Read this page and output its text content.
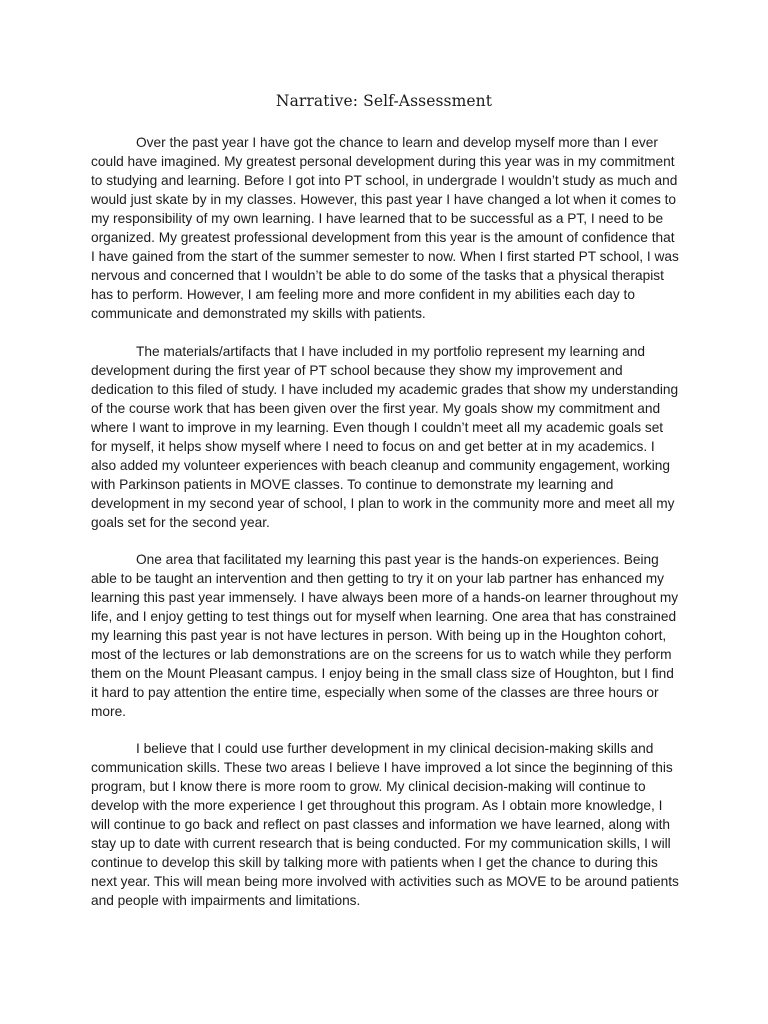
Narrative: Self-Assessment

Over the past year I have got the chance to learn and develop myself more than I ever could have imagined. My greatest personal development during this year was in my commitment to studying and learning. Before I got into PT school, in undergrade I wouldn’t study as much and would just skate by in my classes. However, this past year I have changed a lot when it comes to my responsibility of my own learning. I have learned that to be successful as a PT, I need to be organized. My greatest professional development from this year is the amount of confidence that I have gained from the start of the summer semester to now. When I first started PT school, I was nervous and concerned that I wouldn’t be able to do some of the tasks that a physical therapist has to perform. However, I am feeling more and more confident in my abilities each day to communicate and demonstrated my skills with patients.

The materials/artifacts that I have included in my portfolio represent my learning and development during the first year of PT school because they show my improvement and dedication to this filed of study. I have included my academic grades that show my understanding of the course work that has been given over the first year. My goals show my commitment and where I want to improve in my learning. Even though I couldn’t meet all my academic goals set for myself, it helps show myself where I need to focus on and get better at in my academics. I also added my volunteer experiences with beach cleanup and community engagement, working with Parkinson patients in MOVE classes. To continue to demonstrate my learning and development in my second year of school, I plan to work in the community more and meet all my goals set for the second year.

One area that facilitated my learning this past year is the hands-on experiences. Being able to be taught an intervention and then getting to try it on your lab partner has enhanced my learning this past year immensely. I have always been more of a hands-on learner throughout my life, and I enjoy getting to test things out for myself when learning. One area that has constrained my learning this past year is not have lectures in person. With being up in the Houghton cohort, most of the lectures or lab demonstrations are on the screens for us to watch while they perform them on the Mount Pleasant campus. I enjoy being in the small class size of Houghton, but I find it hard to pay attention the entire time, especially when some of the classes are three hours or more.

I believe that I could use further development in my clinical decision-making skills and communication skills. These two areas I believe I have improved a lot since the beginning of this program, but I know there is more room to grow. My clinical decision-making will continue to develop with the more experience I get throughout this program. As I obtain more knowledge, I will continue to go back and reflect on past classes and information we have learned, along with stay up to date with current research that is being conducted. For my communication skills, I will continue to develop this skill by talking more with patients when I get the chance to during this next year. This will mean being more involved with activities such as MOVE to be around patients and people with impairments and limitations.
